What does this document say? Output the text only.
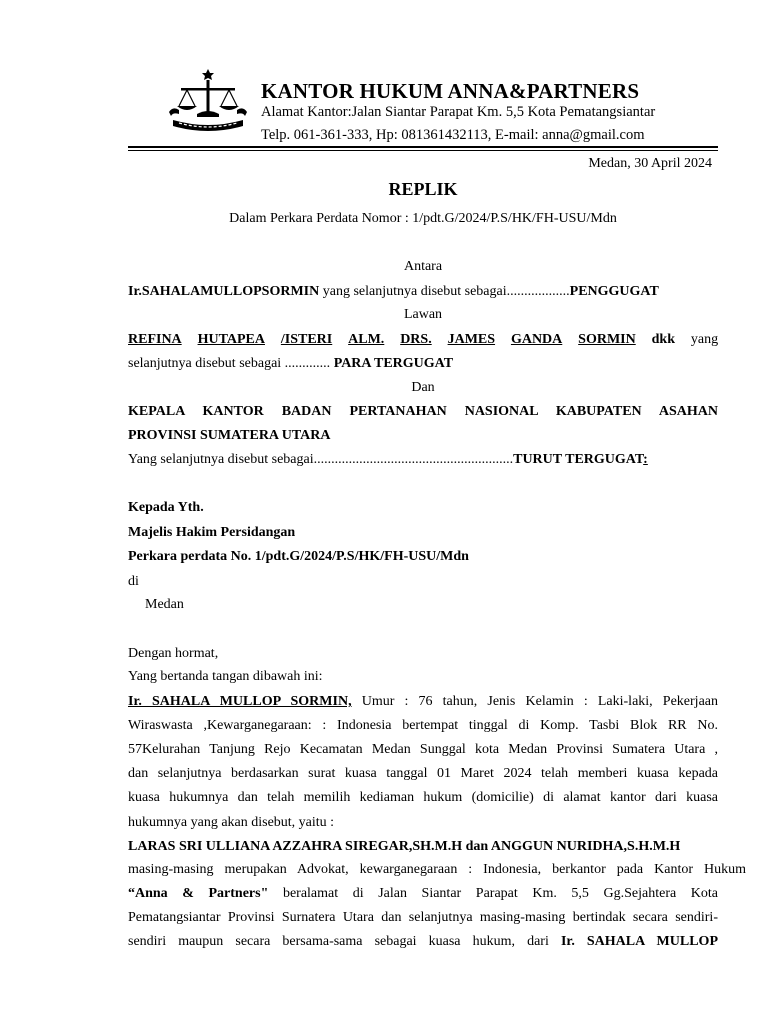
KANTOR HUKUM ANNA&PARTNERS
Alamat Kantor:Jalan Siantar Parapat Km. 5,5 Kota Pematangsiantar
Telp. 061-361-333, Hp: 081361432113, E-mail: anna@gmail.com
Medan, 30 April 2024
REPLIK
Dalam Perkara Perdata Nomor : 1/pdt.G/2024/P.S/HK/FH-USU/Mdn
Antara
Ir.SAHALAMULLOPSORMIN yang selanjutnya disebut sebagai..................PENGGUGAT
Lawan
REFINA HUTAPEA /ISTERI ALM. DRS. JAMES GANDA SORMIN dkk yang
selanjutnya disebut sebagai ............. PARA TERGUGAT
Dan
KEPALA KANTOR BADAN PERTANAHAN NASIONAL KABUPATEN ASAHAN
PROVINSI SUMATERA UTARA
Yang selanjutnya disebut sebagai.........................................................TURUT TERGUGAT:
Kepada Yth.
Majelis Hakim Persidangan
Perkara perdata No. 1/pdt.G/2024/P.S/HK/FH-USU/Mdn
di
Medan
Dengan hormat,
Yang bertanda tangan dibawah ini:
Ir. SAHALA MULLOP SORMIN, Umur : 76 tahun, Jenis Kelamin : Laki-laki, Pekerjaan
Wiraswasta ,Kewarganegaraan: : Indonesia bertempat tinggal di Komp. Tasbi Blok RR No.
57Kelurahan Tanjung Rejo Kecamatan Medan Sunggal kota Medan Provinsi Sumatera Utara ,
dan selanjutnya berdasarkan surat kuasa tanggal 01 Maret 2024 telah memberi kuasa kepada
kuasa hukumnya dan telah memilih kediaman hukum (domicilie) di alamat kantor dari kuasa
hukumnya yang akan disebut, yaitu :
LARAS SRI ULLIANA AZZAHRA SIREGAR,SH.M.H dan ANGGUN NURIDHA,S.H.M.H
masing-masing merupakan Advokat, kewarganegaraan : Indonesia, berkantor pada Kantor Hukum
“Anna & Partners" beralamat di Jalan Siantar Parapat Km. 5,5 Gg.Sejahtera Kota
Pematangsiantar Provinsi Surnatera Utara dan selanjutnya masing-masing bertindak secara sendiri-
sendiri maupun secara bersama-sama sebagai kuasa hukum, dari Ir. SAHALA MULLOP
